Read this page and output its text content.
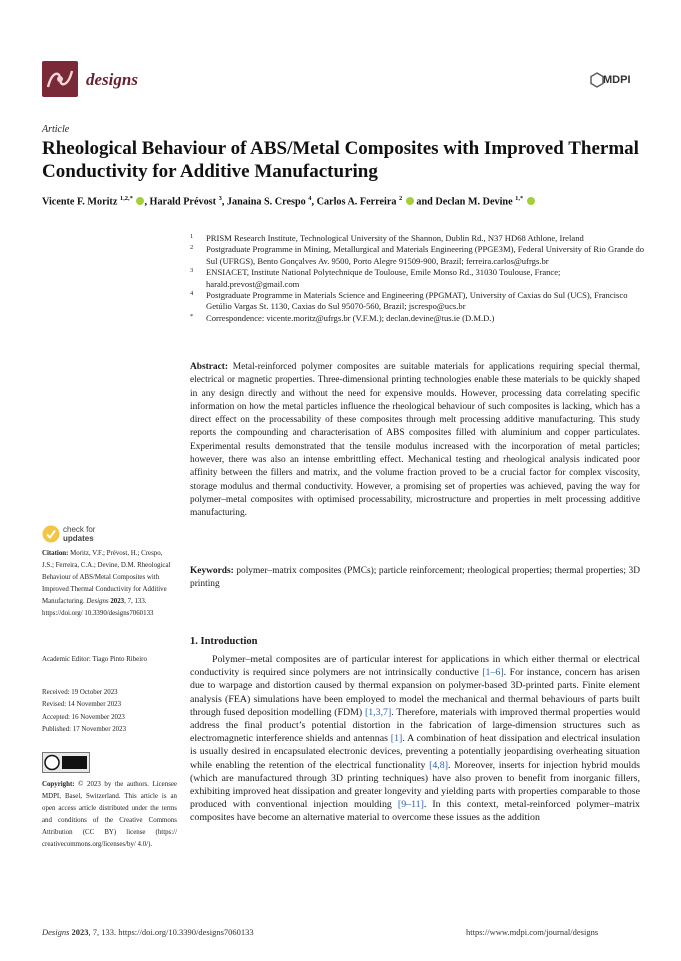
designs	MDPI
Article
Rheological Behaviour of ABS/Metal Composites with Improved Thermal Conductivity for Additive Manufacturing
Vicente F. Moritz $^{1,2,*}$ , Harald Prévost $^3$, Janaina S. Crespo $^4$, Carlos A. Ferreira $^2$  and Declan M. Devine $^{1,*}$
1 PRISM Research Institute, Technological University of the Shannon, Dublin Rd., N37 HD68 Athlone, Ireland
2 Postgraduate Programme in Mining, Metallurgical and Materials Engineering (PPGE3M), Federal University of Rio Grande do Sul (UFRGS), Bento Gonçalves Av. 9500, Porto Alegre 91509-900, Brazil; ferreira.carlos@ufrgs.br
3 ENSIACET, Institute National Polytechnique de Toulouse, Emile Monso Rd., 31030 Toulouse, France; harald.prevost@gmail.com
4 Postgraduate Programme in Materials Science and Engineering (PPGMAT), University of Caxias do Sul (UCS), Francisco Getúlio Vargas St. 1130, Caxias do Sul 95070-560, Brazil; jscrespo@ucs.br
* Correspondence: vicente.moritz@ufrgs.br (V.F.M.); declan.devine@tus.ie (D.M.D.)
Abstract: Metal-reinforced polymer composites are suitable materials for applications requiring special thermal, electrical or magnetic properties. Three-dimensional printing technologies enable these materials to be quickly shaped in any design directly and without the need for expensive moulds. However, processing data correlating specific information on how the metal particles influence the rheological behaviour of such composites is lacking, which has a direct effect on the processability of these composites through melt processing additive manufacturing. This study reports the compounding and characterisation of ABS composites filled with aluminium and copper particulates. Experimental results demonstrated that the tensile modulus increased with the incorporation of metal particles; however, there was also an intense embrittling effect. Mechanical testing and rheological analysis indicated poor affinity between the fillers and matrix, and the volume fraction proved to be a crucial factor for complex viscosity, storage modulus and thermal conductivity. However, a promising set of properties was achieved, paving the way for polymer–metal composites with optimised processability, microstructure and properties in melt processing additive manufacturing.
Keywords: polymer–matrix composites (PMCs); particle reinforcement; rheological properties; thermal properties; 3D printing
check for
updates
Citation: Moritz, V.F.; Prévost, H.; Crespo, J.S.; Ferreira, C.A.; Devine, D.M. Rheological Behaviour of ABS/Metal Composites with Improved Thermal Conductivity for Additive Manufacturing. Designs 2023, 7, 133. https://doi.org/ 10.3390/designs7060133
Academic Editor: Tiago Pinto Ribeiro
Received: 19 October 2023
Revised: 14 November 2023
Accepted: 16 November 2023
Published: 17 November 2023
Copyright: © 2023 by the authors. Licensee MDPI, Basel, Switzerland. This article is an open access article distributed under the terms and conditions of the Creative Commons Attribution (CC BY) license (https:// creativecommons.org/licenses/by/ 4.0/).
1. Introduction

Polymer–metal composites are of particular interest for applications in which either thermal or electrical conductivity is required since polymers are not intrinsically conductive [1–6]. For instance, concern has arisen due to warpage and distortion caused by thermal expansion on polymer-based 3D-printed parts. Finite element analysis (FEA) simulations have been employed to model the mechanical and thermal behaviours of parts built through fused deposition modelling (FDM) [1,3,7]. Therefore, materials with improved thermal properties would address the final product’s potential distortion in the fabrication of large-dimension structures such as electromagnetic interference shields and antennas [1]. A combination of heat dissipation and electrical insulation is usually desired in encapsulated electronic devices, preventing a potentially jeopardising overheating situation while enabling the retention of the electrical functionality [4,8]. Moreover, inserts for injection hybrid moulds (which are manufactured through 3D printing techniques) have also proven to benefit from inorganic fillers, exhibiting improved heat dissipation and greater longevity and yielding parts with properties comparable to those produced with conventional injection moulding [9–11]. In this context, metal-reinforced polymer–matrix composites have become an alternative material to overcome these issues as the addition

Designs 2023, 7, 133. https://doi.org/10.3390/designs7060133	https://www.mdpi.com/journal/designs
